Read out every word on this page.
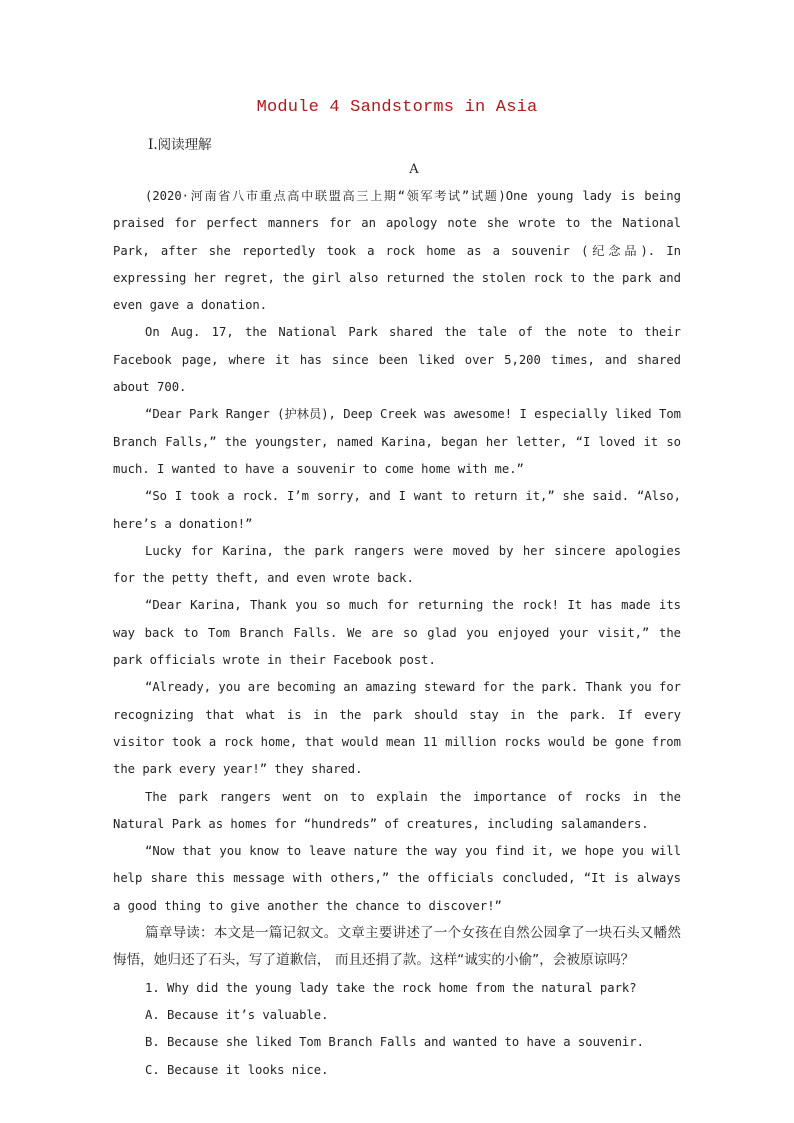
Module 4 Sandstorms in Asia
I.阅读理解
A

(2020·河南省八市重点高中联盟高三上期“领军考试”试题)One young lady is being praised for perfect manners for an apology note she wrote to the National Park, after she reportedly took a rock home as a souvenir (纪念品). In expressing her regret, the girl also returned the stolen rock to the park and even gave a donation.

On Aug. 17, the National Park shared the tale of the note to their Facebook page, where it has since been liked over 5,200 times, and shared about 700.

“Dear Park Ranger (护林员), Deep Creek was awesome! I especially liked Tom Branch Falls,” the youngster, named Karina, began her letter, “I loved it so much. I wanted to have a souvenir to come home with me.”

“So I took a rock. I’m sorry, and I want to return it,” she said. “Also, here’s a donation!”

Lucky for Karina, the park rangers were moved by her sincere apologies for the petty theft, and even wrote back.

“Dear Karina, Thank you so much for returning the rock! It has made its way back to Tom Branch Falls. We are so glad you enjoyed your visit,” the park officials wrote in their Facebook post.

“Already, you are becoming an amazing steward for the park. Thank you for recognizing that what is in the park should stay in the park. If every visitor took a rock home, that would mean 11 million rocks would be gone from the park every year!” they shared.

The park rangers went on to explain the importance of rocks in the Natural Park as homes for “hundreds” of creatures, including salamanders.

“Now that you know to leave nature the way you find it, we hope you will help share this message with others,” the officials concluded, “It is always a good thing to give another the chance to discover!”

篇章导读：本文是一篇记叙文。文章主要讲述了一个女孩在自然公园拿了一块石头又幡然悔悟，她归还了石头，写了道歉信， 而且还捐了款。这样“诚实的小偷”，会被原谅吗？

1. Why did the young lady take the rock home from the natural park?

A. Because it’s valuable.

B. Because she liked Tom Branch Falls and wanted to have a souvenir.

C. Because it looks nice.
